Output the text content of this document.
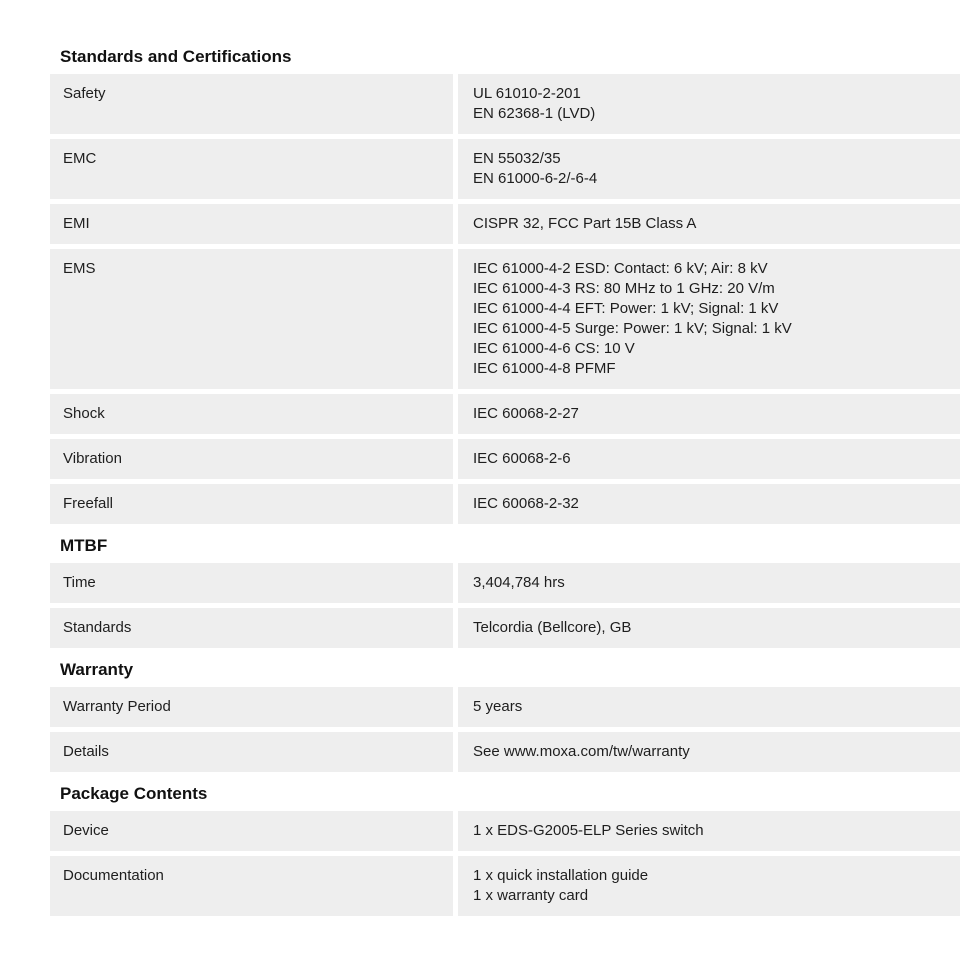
Standards and Certifications
Safety	UL 61010-2-201
EN 62368-1 (LVD)
EMC	EN 55032/35
EN 61000-6-2/-6-4
EMI	CISPR 32, FCC Part 15B Class A
EMS	IEC 61000-4-2 ESD: Contact: 6 kV; Air: 8 kV
IEC 61000-4-3 RS: 80 MHz to 1 GHz: 20 V/m
IEC 61000-4-4 EFT: Power: 1 kV; Signal: 1 kV
IEC 61000-4-5 Surge: Power: 1 kV; Signal: 1 kV
IEC 61000-4-6 CS: 10 V
IEC 61000-4-8 PFMF
Shock	IEC 60068-2-27
Vibration	IEC 60068-2-6
Freefall	IEC 60068-2-32
MTBF
Time	3,404,784 hrs
Standards	Telcordia (Bellcore), GB
Warranty
Warranty Period	5 years
Details	See www.moxa.com/tw/warranty
Package Contents
Device	1 x EDS-G2005-ELP Series switch
Documentation	1 x quick installation guide
1 x warranty card
